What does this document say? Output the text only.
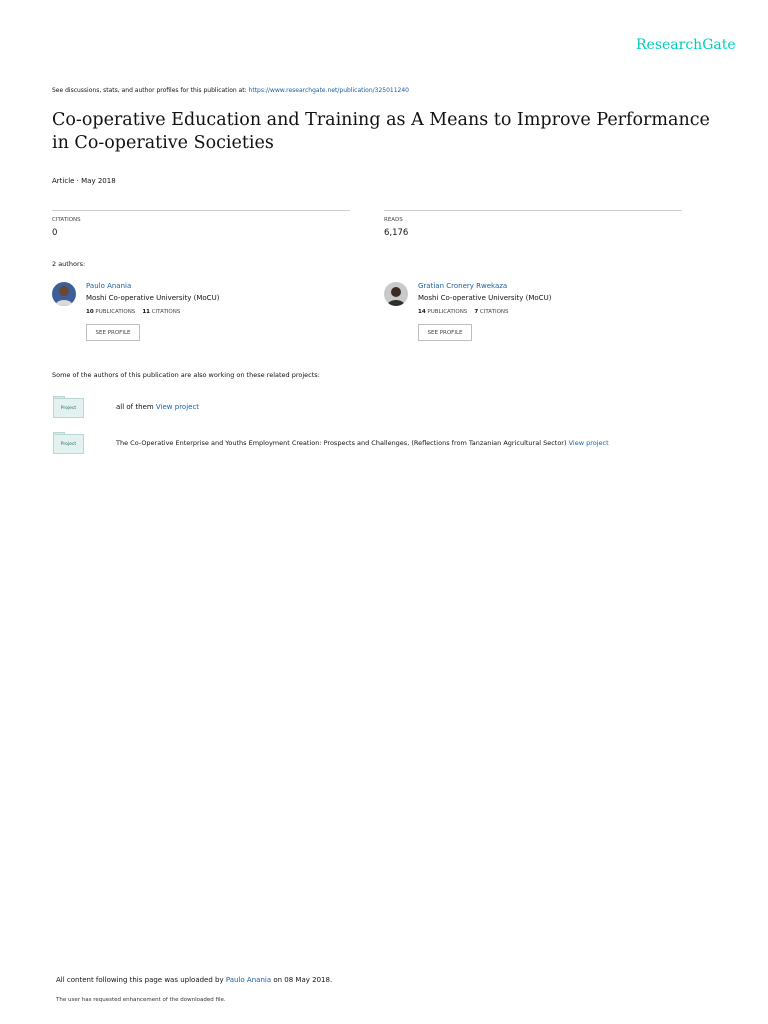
ResearchGate
See discussions, stats, and author profiles for this publication at: https://www.researchgate.net/publication/325011240
Co-operative Education and Training as A Means to Improve Performance in Co-operative Societies
Article · May 2018
CITATIONS
0
READS
6,176
2 authors:
Paulo Anania
Moshi Co-operative University (MoCU)
10 PUBLICATIONS 11 CITATIONS
SEE PROFILE
Gratian Cronery Rwekaza
Moshi Co-operative University (MoCU)
14 PUBLICATIONS 7 CITATIONS
SEE PROFILE
Some of the authors of this publication are also working on these related projects:
Project	all of them View project
Project	The Co-Operative Enterprise and Youths Employment Creation: Prospects and Challenges, (Reflections from Tanzanian Agricultural Sector) View project
All content following this page was uploaded by Paulo Anania on 08 May 2018.
The user has requested enhancement of the downloaded file.
